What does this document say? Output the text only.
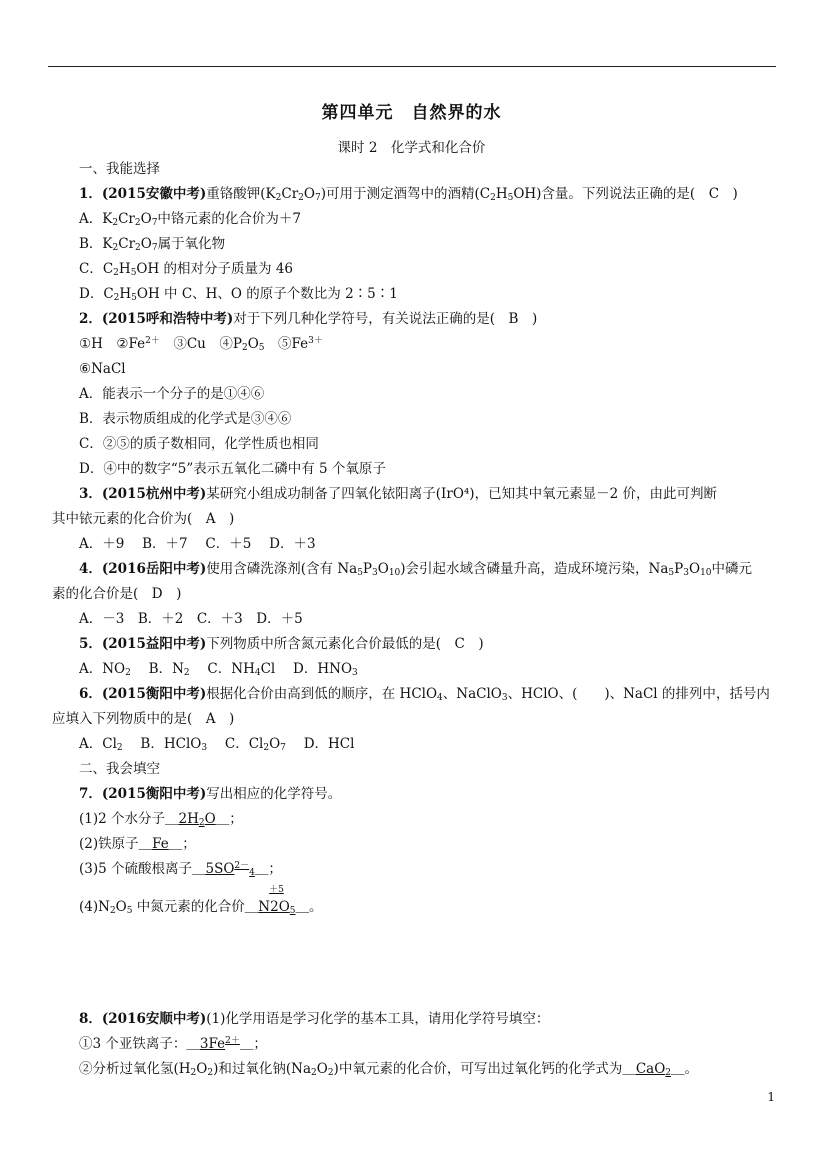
第四单元　自然界的水
课时 2　化学式和化合价
一、我能选择
1．(2015安徽中考)重铬酸钾$(K_2Cr_2O_7)$可用于测定酒驾中的酒精$(C_2H_5OH)$含量。下列说法正确的是(　C　)
A．$K_2Cr_2O_7$中铬元素的化合价为＋7
B．$K_2Cr_2O_7$属于氧化物
C．$C_2H_5OH$ 的相对分子质量为 46
D．$C_2H_5OH$ 中 C、H、O 的原子个数比为 2∶5∶1
2．(2015呼和浩特中考)对于下列几种化学符号，有关说法正确的是(　B　)
①H　$②Fe^{2+}$　③Cu　$④P_2O_5$　$⑤Fe^{3+}$
⑥NaCl
A．能表示一个分子的是①④⑥
B．表示物质组成的化学式是③④⑥
C．②⑤的质子数相同，化学性质也相同
D．④中的数字“5”表示五氧化二磷中有 5 个氧原子
3．(2015杭州中考)某研究小组成功制备了四氧化铱阳离子(IrO⁴)，已知其中氧元素显－2 价，由此可判断
其中铱元素的化合价为(　A　)
A．＋9　 B．＋7　 C．＋5　 D．＋3
4．(2016岳阳中考)使用含磷洗涤剂(含有 $Na_5P_3O_{10}$)会引起水域含磷量升高，造成环境污染，$Na_5P_3O_{10}$中磷元
素的化合价是(　D　)
A．－3　B．＋2　C．＋3　D．＋5
5．(2015益阳中考)下列物质中所含氮元素化合价最低的是(　C　)
A．$NO_2$　 B．$N_2$　 C．$NH_4Cl$　 D．$HNO_3$
6．(2015衡阳中考)根据化合价由高到低的顺序，在 HClO$_4$、NaClO$_3$、HClO、(　　)、NaCl 的排列中，括号内
应填入下列物质中的是(　A　)
A．$Cl_2$　 B．HClO$_3$　 C．$Cl_2O_7$　 D．HCl
二、我会填空
7．(2015衡阳中考)写出相应的化学符号。
(1)2 个水分子$\_2H_2O\_$；
(2)铁原子＿Fe＿；
(3)5 个硫酸根离子$\_5SO^{2-}_4\_$；
$(4)N_2O_5$ 中氮元素的化合价＿N
＋5
$2O_5\_$。
8．(2016安顺中考)(1)化学用语是学习化学的基本工具，请用化学符号填空：
①3 个亚铁离子：$\_3Fe^{2+}\_$；
②分析过氧化氢$(H_2O_2)$和过氧化钠$(Na_2O_2)$中氧元素的化合价，可写出过氧化钙的化学式为＿CaO$_2$＿。
1
